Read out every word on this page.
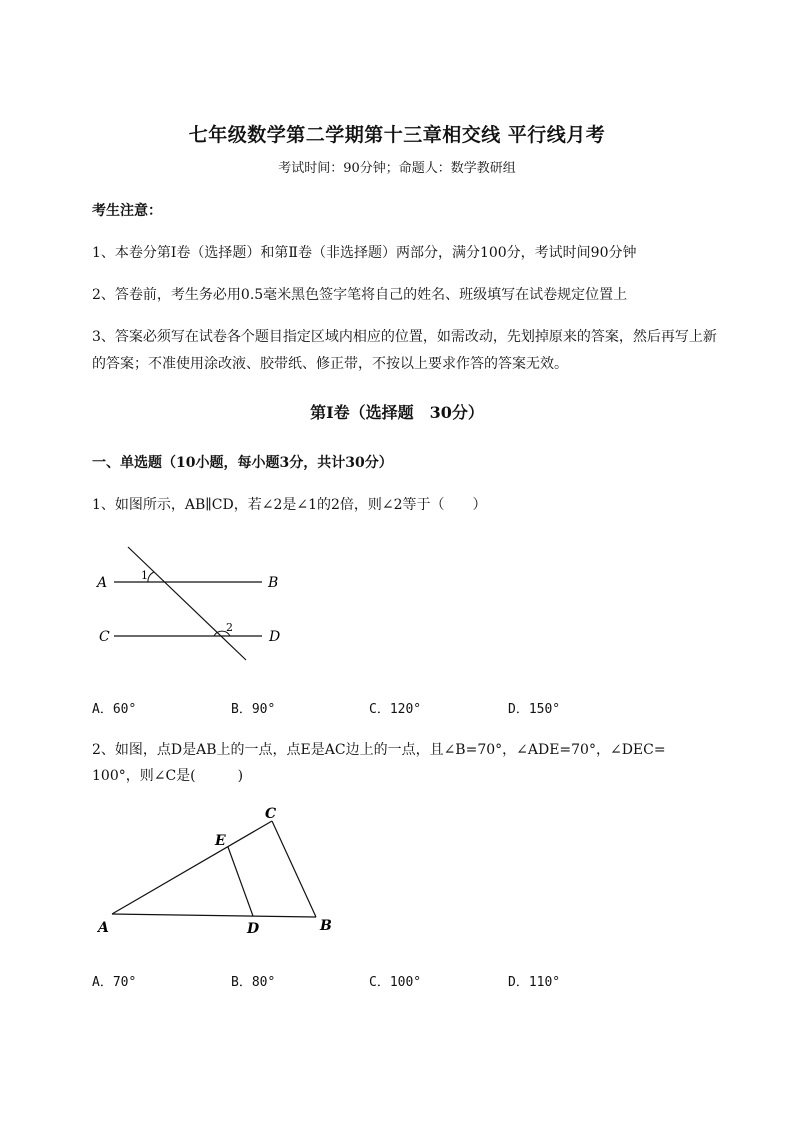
七年级数学第二学期第十三章相交线 平行线月考
考试时间：90分钟；命题人：数学教研组
考生注意：
1、本卷分第I卷（选择题）和第Ⅱ卷（非选择题）两部分，满分100分，考试时间90分钟
2、答卷前，考生务必用0.5毫米黑色签字笔将自己的姓名、班级填写在试卷规定位置上
3、答案必须写在试卷各个题目指定区域内相应的位置，如需改动，先划掉原来的答案，然后再写上新
的答案；不准使用涂改液、胶带纸、修正带，不按以上要求作答的答案无效。
第I卷（选择题　30分）
一、单选题（10小题，每小题3分，共计30分）
1、如图所示，AB∥CD，若∠2是∠1的2倍，则∠2等于（　　）
A	B
C	D
1
2
A	B
C
D
E
A．60°	B．90°	C．120°	D．150°
2、如图，点D是AB上的一点，点E是AC边上的一点，且∠B=70°，∠ADE=70°，∠DEC=
100°，则∠C是(　　　)
A．70°	B．80°	C．100°	D．110°
